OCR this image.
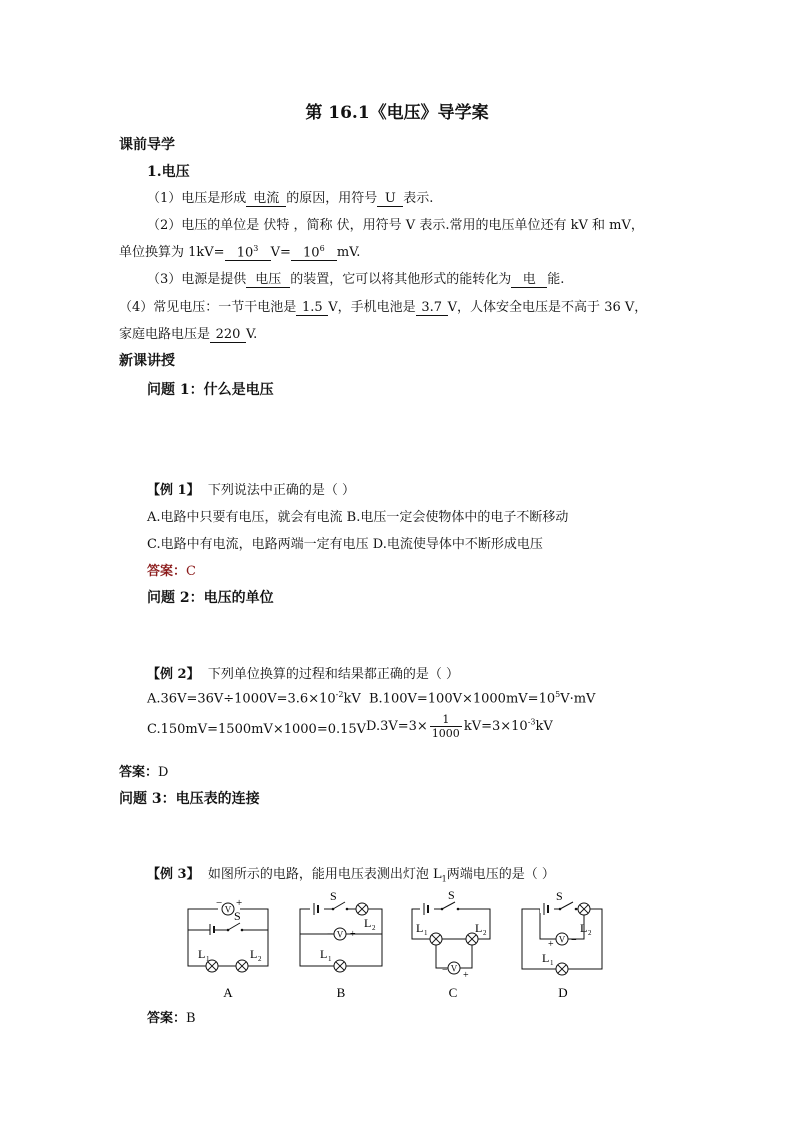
第 16.1《电压》导学案
课前导学
1.电压
（1）电压是形成 电流 的原因，用符号 U 表示.
（2）电压的单位是 伏特 ，简称 伏，用符号 V 表示.常用的电压单位还有 kV 和 mV，
单位换算为 $1kV= 10^3$ $V= 10^6$ mV.
（3）电源是提供 电压 的装置，它可以将其他形式的能转化为 电 能.
（4）常见电压：一节干电池是 1.5 V，手机电池是 3.7 V，人体安全电压是不高于 36 V，
家庭电路电压是 220 V.
新课讲授
问题 1：什么是电压
【例 1】 下列说法中正确的是（ ）
A.电路中只要有电压，就会有电流 B.电压一定会使物体中的电子不断移动
C.电路中有电流，电路两端一定有电压 D.电流使导体中不断形成电压
答案：C
问题 2：电压的单位
【例 2】 下列单位换算的过程和结果都正确的是（ ）
$A.36V=36V\div 1000V=3.6\times 10^{-2}kV$ $B.100V=100V\times 1000mV=10^5V\cdot mV$
C.150mV=1500mV×1000=0.15V $D.3V=3\times \frac{1}{1000} kV=3\times 10^{-3}kV$
答案：D
问题 3：电压表的连接
【例 3】 如图所示的电路，能用电压表测出灯泡 $L_1$两端电压的是（ ）
V
− +
S
L 1	L 2
S
− +
L 2
L 1
S
L 1	L 2
− +
S
+ −
L 2
L 1
A	B	C	D
答案：B
